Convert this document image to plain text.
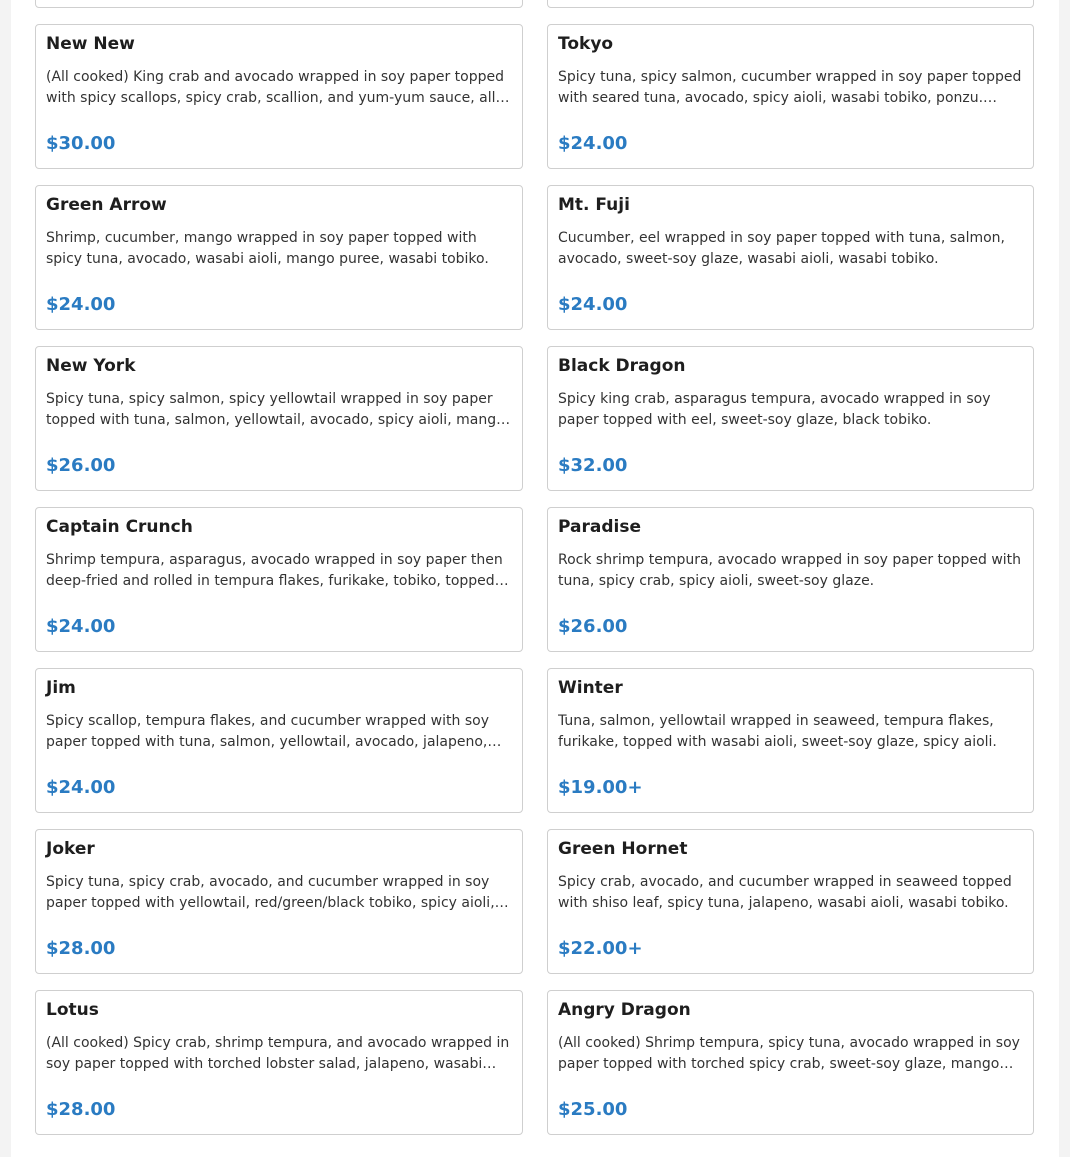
New New
(All cooked) King crab and avocado wrapped in soy paper topped with spicy scallops, spicy crab, scallion, and yum-yum sauce, all…
$30.00
Tokyo
Spicy tuna, spicy salmon, cucumber wrapped in soy paper topped with seared tuna, avocado, spicy aioli, wasabi tobiko, ponzu.…
$24.00
Green Arrow
Shrimp, cucumber, mango wrapped in soy paper topped with spicy tuna, avocado, wasabi aioli, mango puree, wasabi tobiko.
$24.00
Mt. Fuji
Cucumber, eel wrapped in soy paper topped with tuna, salmon, avocado, sweet-soy glaze, wasabi aioli, wasabi tobiko.
$24.00
New York
Spicy tuna, spicy salmon, spicy yellowtail wrapped in soy paper topped with tuna, salmon, yellowtail, avocado, spicy aioli, mang…
$26.00
Black Dragon
Spicy king crab, asparagus tempura, avocado wrapped in soy paper topped with eel, sweet-soy glaze, black tobiko.
$32.00
Captain Crunch
Shrimp tempura, asparagus, avocado wrapped in soy paper then deep-fried and rolled in tempura flakes, furikake, tobiko, topped…
$24.00
Paradise
Rock shrimp tempura, avocado wrapped in soy paper topped with tuna, spicy crab, spicy aioli, sweet-soy glaze.
$26.00
Jim
Spicy scallop, tempura flakes, and cucumber wrapped with soy paper topped with tuna, salmon, yellowtail, avocado, jalapeno,…
$24.00
Winter
Tuna, salmon, yellowtail wrapped in seaweed, tempura flakes, furikake, topped with wasabi aioli, sweet-soy glaze, spicy aioli.
$19.00+
Joker
Spicy tuna, spicy crab, avocado, and cucumber wrapped in soy paper topped with yellowtail, red/green/black tobiko, spicy aioli,…
$28.00
Green Hornet
Spicy crab, avocado, and cucumber wrapped in seaweed topped with shiso leaf, spicy tuna, jalapeno, wasabi aioli, wasabi tobiko.
$22.00+
Lotus
(All cooked) Spicy crab, shrimp tempura, and avocado wrapped in soy paper topped with torched lobster salad, jalapeno, wasabi…
$28.00
Angry Dragon
(All cooked) Shrimp tempura, spicy tuna, avocado wrapped in soy paper topped with torched spicy crab, sweet-soy glaze, mango…
$25.00
